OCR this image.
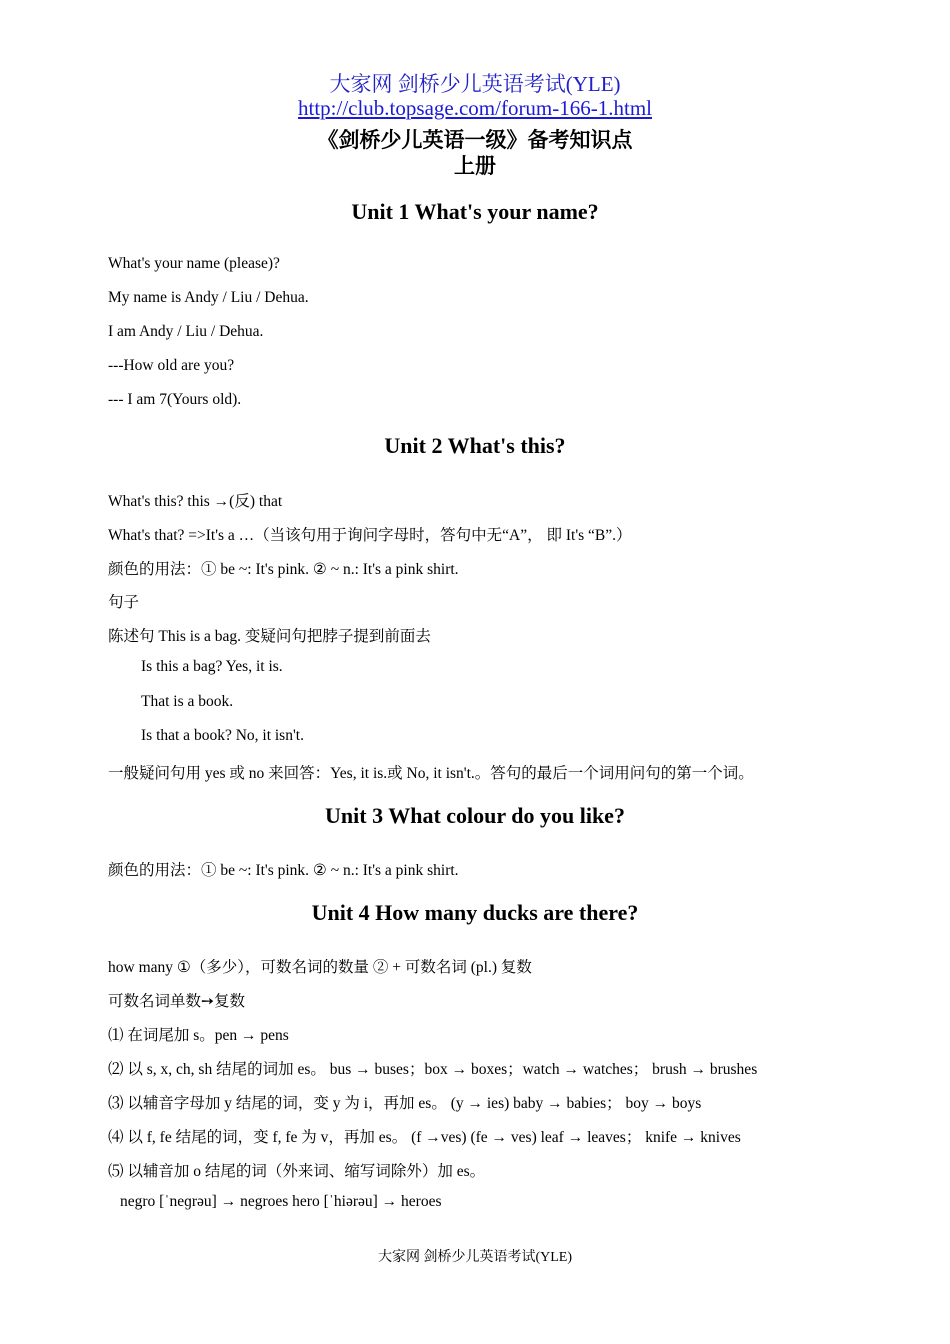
大家网 剑桥少儿英语考试(YLE)
http://club.topsage.com/forum-166-1.html
《剑桥少儿英语一级》备考知识点
上册
Unit 1 What's your name?
What's your name (please)?
My name is Andy / Liu / Dehua.
I am Andy / Liu / Dehua.
---How old are you?
--- I am 7(Yours old).
Unit 2 What's this?
What's this? this →(反) that
What's that? =>It's a …（当该句用于询问字母时，答句中无“A”， 即 It's “B”.）
颜色的用法：① be ~: It's pink. ② ~ n.: It's a pink shirt.
句子
陈述句 This is a bag. 变疑问句把脖子提到前面去
Is this a bag? Yes, it is.
That is a book.
Is that a book? No, it isn't.
一般疑问句用 yes 或 no 来回答：Yes, it is.或 No, it isn't.。答句的最后一个词用问句的第一个词。
Unit 3 What colour do you like?
颜色的用法：① be ~: It's pink. ② ~ n.: It's a pink shirt.
Unit 4 How many ducks are there?
how many ①（多少），可数名词的数量 ② + 可数名词 (pl.) 复数
可数名词单数➙复数
⑴ 在词尾加 s。pen → pens
⑵ 以 s, x, ch, sh 结尾的词加 es。 bus → buses；box → boxes；watch → watches； brush → brushes
⑶ 以辅音字母加 y 结尾的词，变 y 为 i，再加 es。 (y → ies) baby → babies； boy → boys
⑷ 以 f, fe 结尾的词，变 f, fe 为 v，再加 es。 (f →ves) (fe → ves) leaf → leaves； knife → knives
⑸ 以辅音加 o 结尾的词（外来词、缩写词除外）加 es。
negro [ˈneɡrəu] → negroes hero [ˈhiərəu] → heroes
大家网 剑桥少儿英语考试(YLE)
